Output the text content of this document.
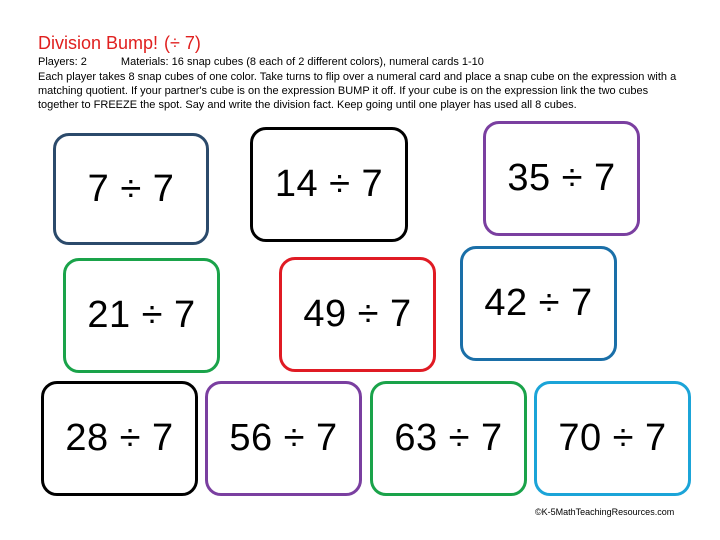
Division Bump! (÷ 7)
Players: 2	Materials: 16 snap cubes (8 each of 2 different colors), numeral cards 1-10
Each player takes 8 snap cubes of one color. Take turns to flip over a numeral card and place a snap cube on the expression with a matching quotient. If your partner's cube is on the expression BUMP it off. If your cube is on the expression link the two cubes together to FREEZE the spot. Say and write the division fact. Keep going until one player has used all 8 cubes.
7 ÷ 7	14 ÷ 7	35 ÷ 7
21 ÷ 7	49 ÷ 7 42 ÷ 7
28 ÷ 7 56 ÷ 7 63 ÷ 7 70 ÷ 7
©K-5MathTeachingResources.com
